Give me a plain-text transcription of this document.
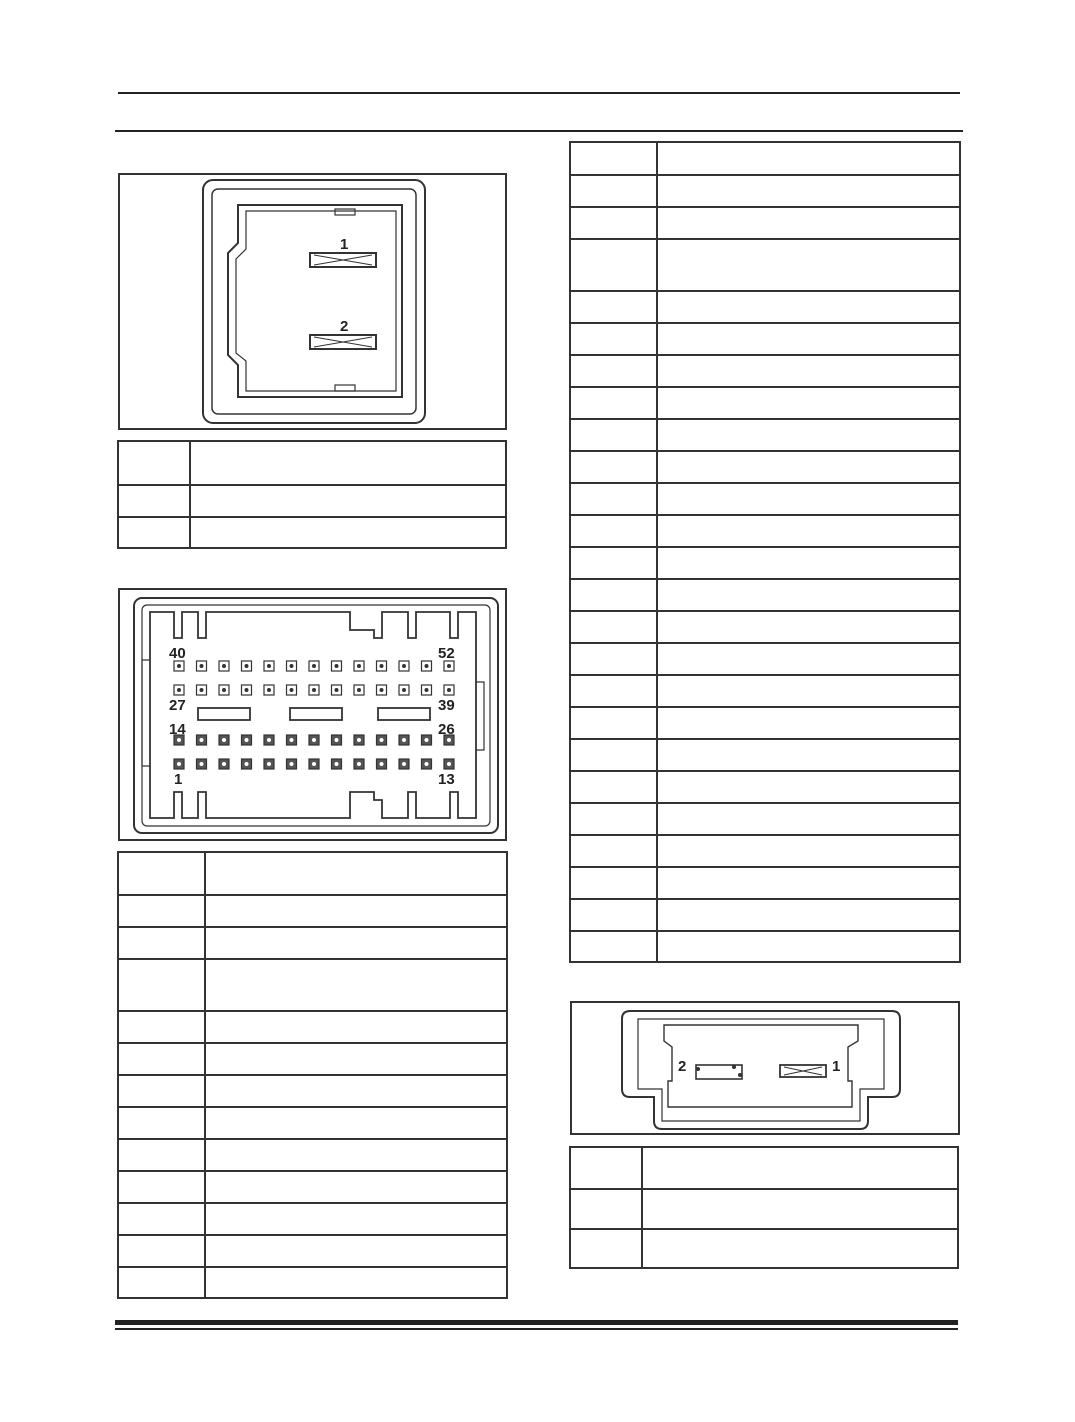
1
2

40	52
27	39
14	26
1	13

2	1
